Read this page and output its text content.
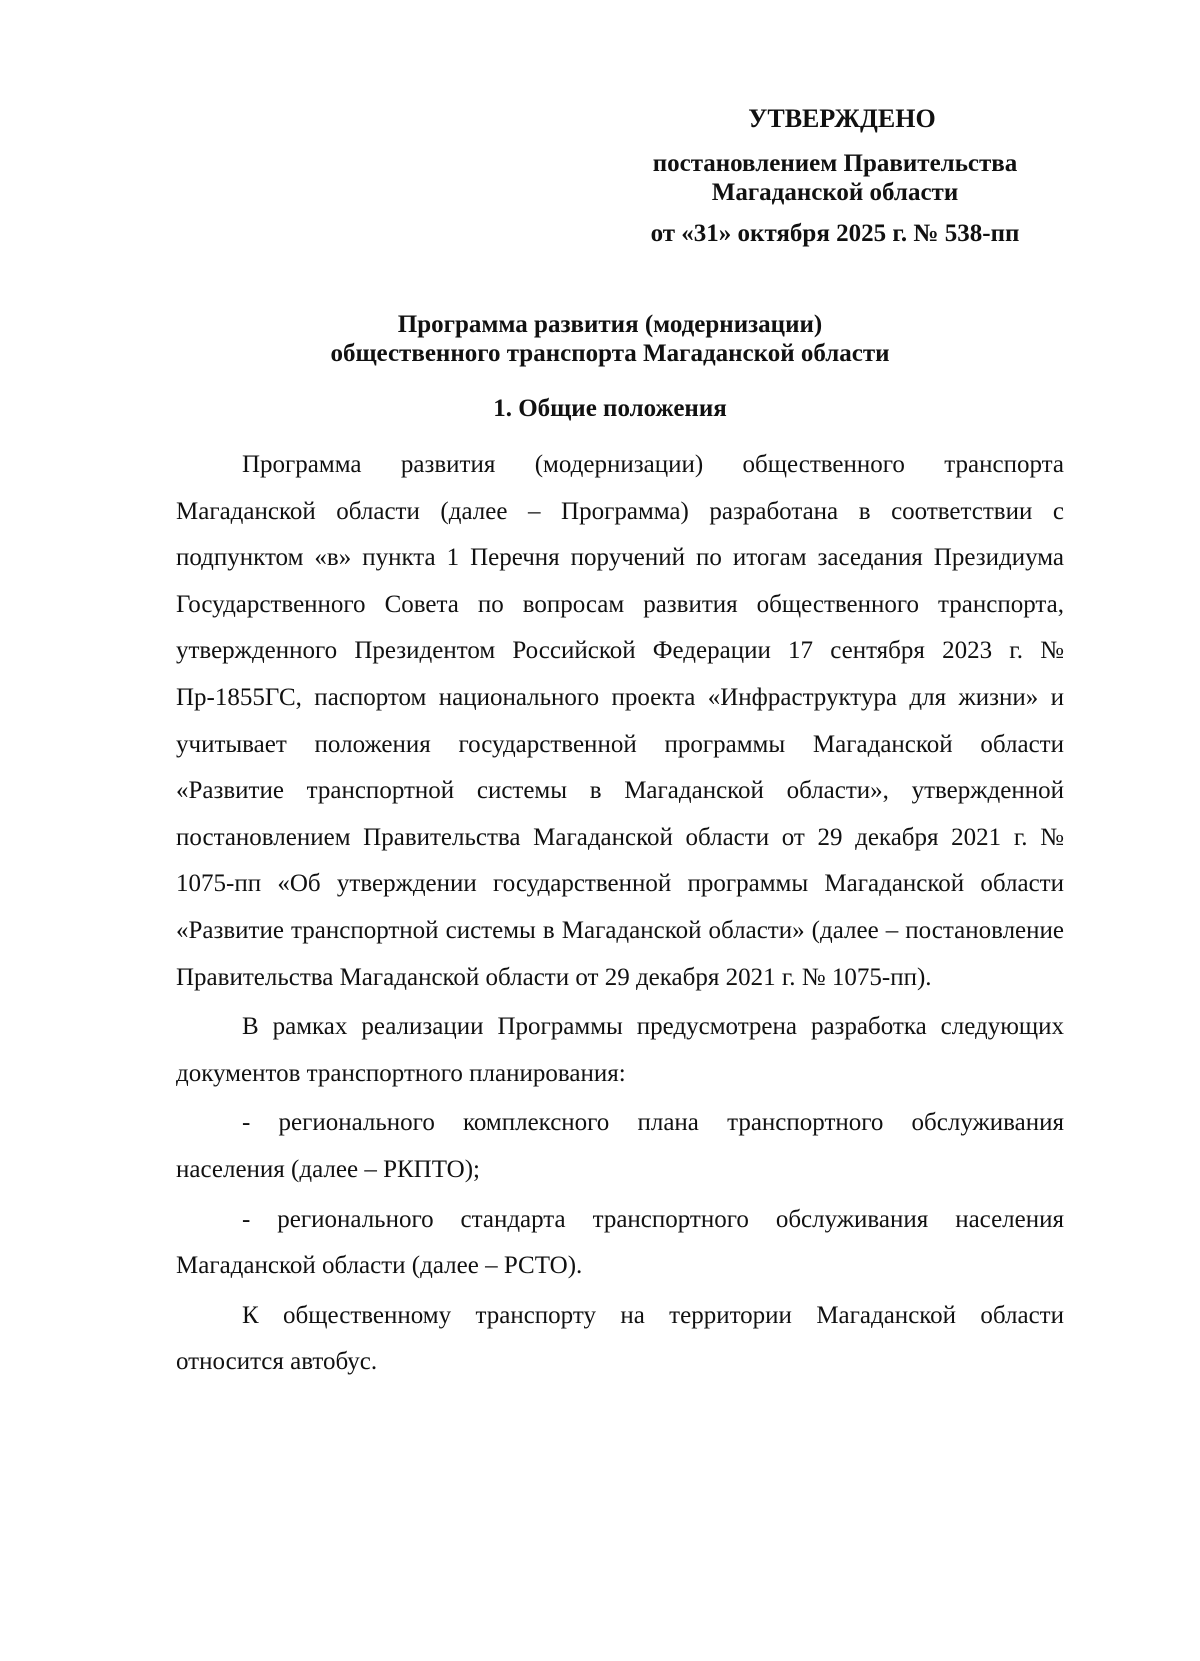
УТВЕРЖДЕНО
постановлением Правительства
Магаданской области
от «31» октября 2025 г. № 538-пп
Программа развития (модернизации)
общественного транспорта Магаданской области
1. Общие положения

Программа развития (модернизации) общественного транспорта Магаданской области (далее – Программа) разработана в соответствии с подпунктом «в» пункта 1 Перечня поручений по итогам заседания Президиума Государственного Совета по вопросам развития общественного транспорта, утвержденного Президентом Российской Федерации 17 сентября 2023 г. № Пр-1855ГС, паспортом национального проекта «Инфраструктура для жизни» и учитывает положения государственной программы Магаданской области «Развитие транспортной системы в Магаданской области», утвержденной постановлением Правительства Магаданской области от 29 декабря 2021 г. № 1075-пп «Об утверждении государственной программы Магаданской области «Развитие транспортной системы в Магаданской области» (далее – постановление Правительства Магаданской области от 29 декабря 2021 г. № 1075-пп).

В рамках реализации Программы предусмотрена разработка следующих документов транспортного планирования:

- регионального комплексного плана транспортного обслуживания населения (далее – РКПТО);

- регионального стандарта транспортного обслуживания населения Магаданской области (далее – РСТО).

К общественному транспорту на территории Магаданской области относится автобус.
